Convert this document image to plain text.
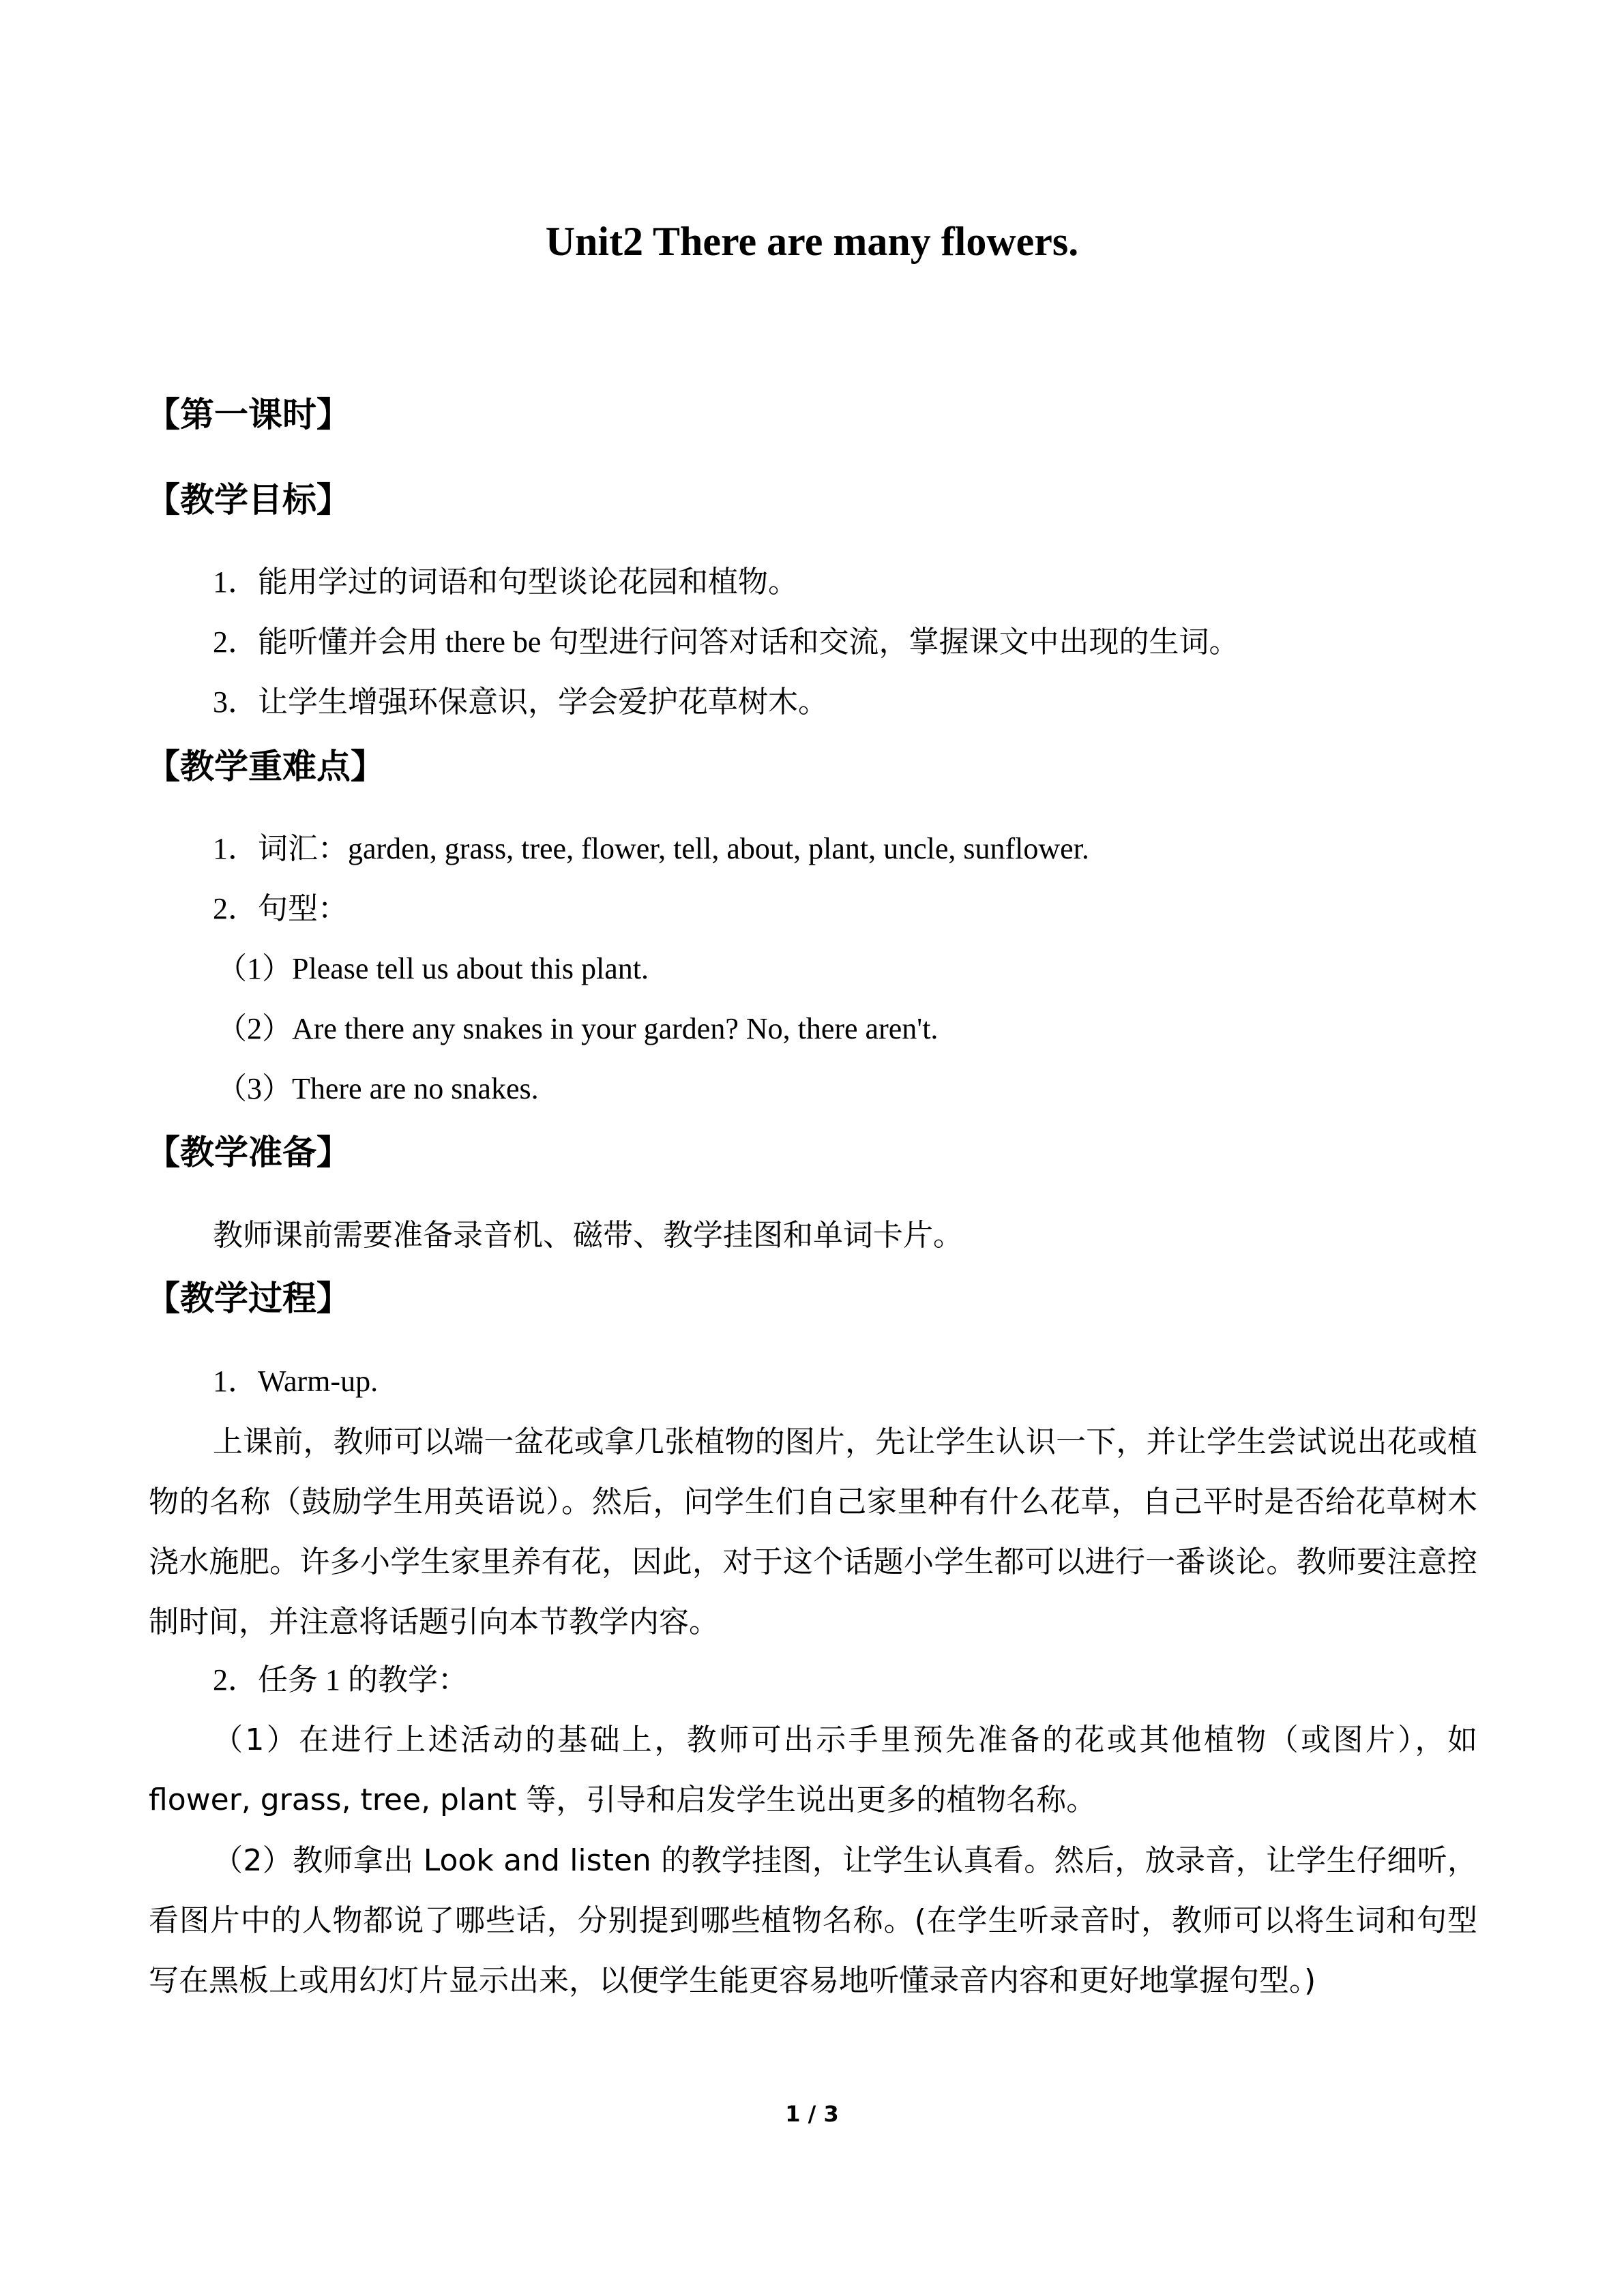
Unit2 There are many flowers.

【第一课时】

【教学目标】

1．能用学过的词语和句型谈论花园和植物。

2．能听懂并会用 there be 句型进行问答对话和交流，掌握课文中出现的生词。

3．让学生增强环保意识，学会爱护花草树木。

【教学重难点】

1．词汇：garden, grass, tree, flower, tell, about, plant, uncle, sunflower.

2．句型：

（1）Please tell us about this plant.

（2）Are there any snakes in your garden? No, there aren't.

（3）There are no snakes.

【教学准备】

教师课前需要准备录音机、磁带、教学挂图和单词卡片。

【教学过程】

1．Warm-up.

上课前，教师可以端一盆花或拿几张植物的图片，先让学生认识一下，并让学生尝试说出花或植物的名称（鼓励学生用英语说）。然后，问学生们自己家里种有什么花草，自己平时是否给花草树木浇水施肥。许多小学生家里养有花，因此，对于这个话题小学生都可以进行一番谈论。教师要注意控制时间，并注意将话题引向本节教学内容。

2．任务 1 的教学：

（1）在进行上述活动的基础上，教师可出示手里预先准备的花或其他植物（或图片），如 flower, grass, tree, plant 等，引导和启发学生说出更多的植物名称。

（2）教师拿出 Look and listen 的教学挂图，让学生认真看。然后，放录音，让学生仔细听，看图片中的人物都说了哪些话，分别提到哪些植物名称。(在学生听录音时，教师可以将生词和句型写在黑板上或用幻灯片显示出来，以便学生能更容易地听懂录音内容和更好地掌握句型。)

1 / 3
